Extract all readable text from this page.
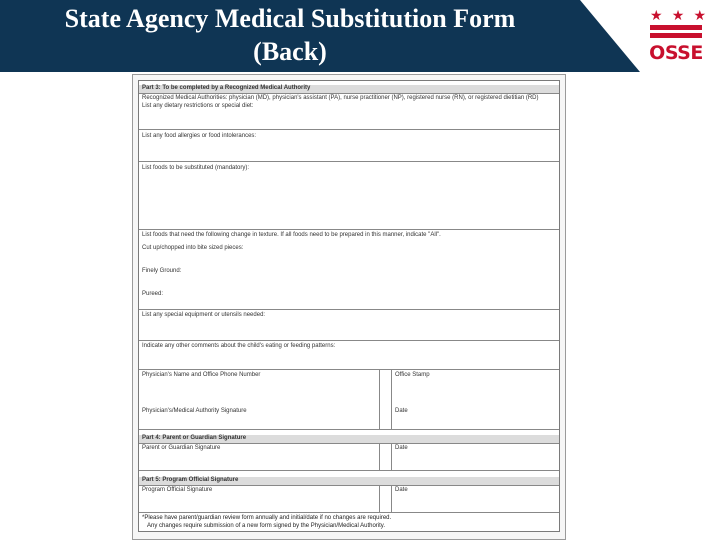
State Agency Medical Substitution Form
(Back)
★ ★ ★
OSSE
Part 3: To be completed by a Recognized Medical Authority
Recognized Medical Authorities: physician (MD), physician's assistant (PA), nurse practitioner (NP), registered nurse (RN), or registered dietitian (RD)
List any dietary restrictions or special diet:
List any food allergies or food intolerances:
List foods to be substituted (mandatory):
List foods that need the following change in texture. If all foods need to be prepared in this manner, indicate "All".
Cut up/chopped into bite sized pieces:
Finely Ground:
Pureed:
List any special equipment or utensils needed:
Indicate any other comments about the child's eating or feeding patterns:
Physician's Name and Office Phone Number	Office Stamp
Physician's/Medical Authority Signature	Date
Part 4: Parent or Guardian Signature
Parent or Guardian Signature	Date
Part 5: Program Official Signature
Program Official Signature	Date
*Please have parent/guardian review form annually and initial/date if no changes are required.
Any changes require submission of a new form signed by the Physician/Medical Authority.
